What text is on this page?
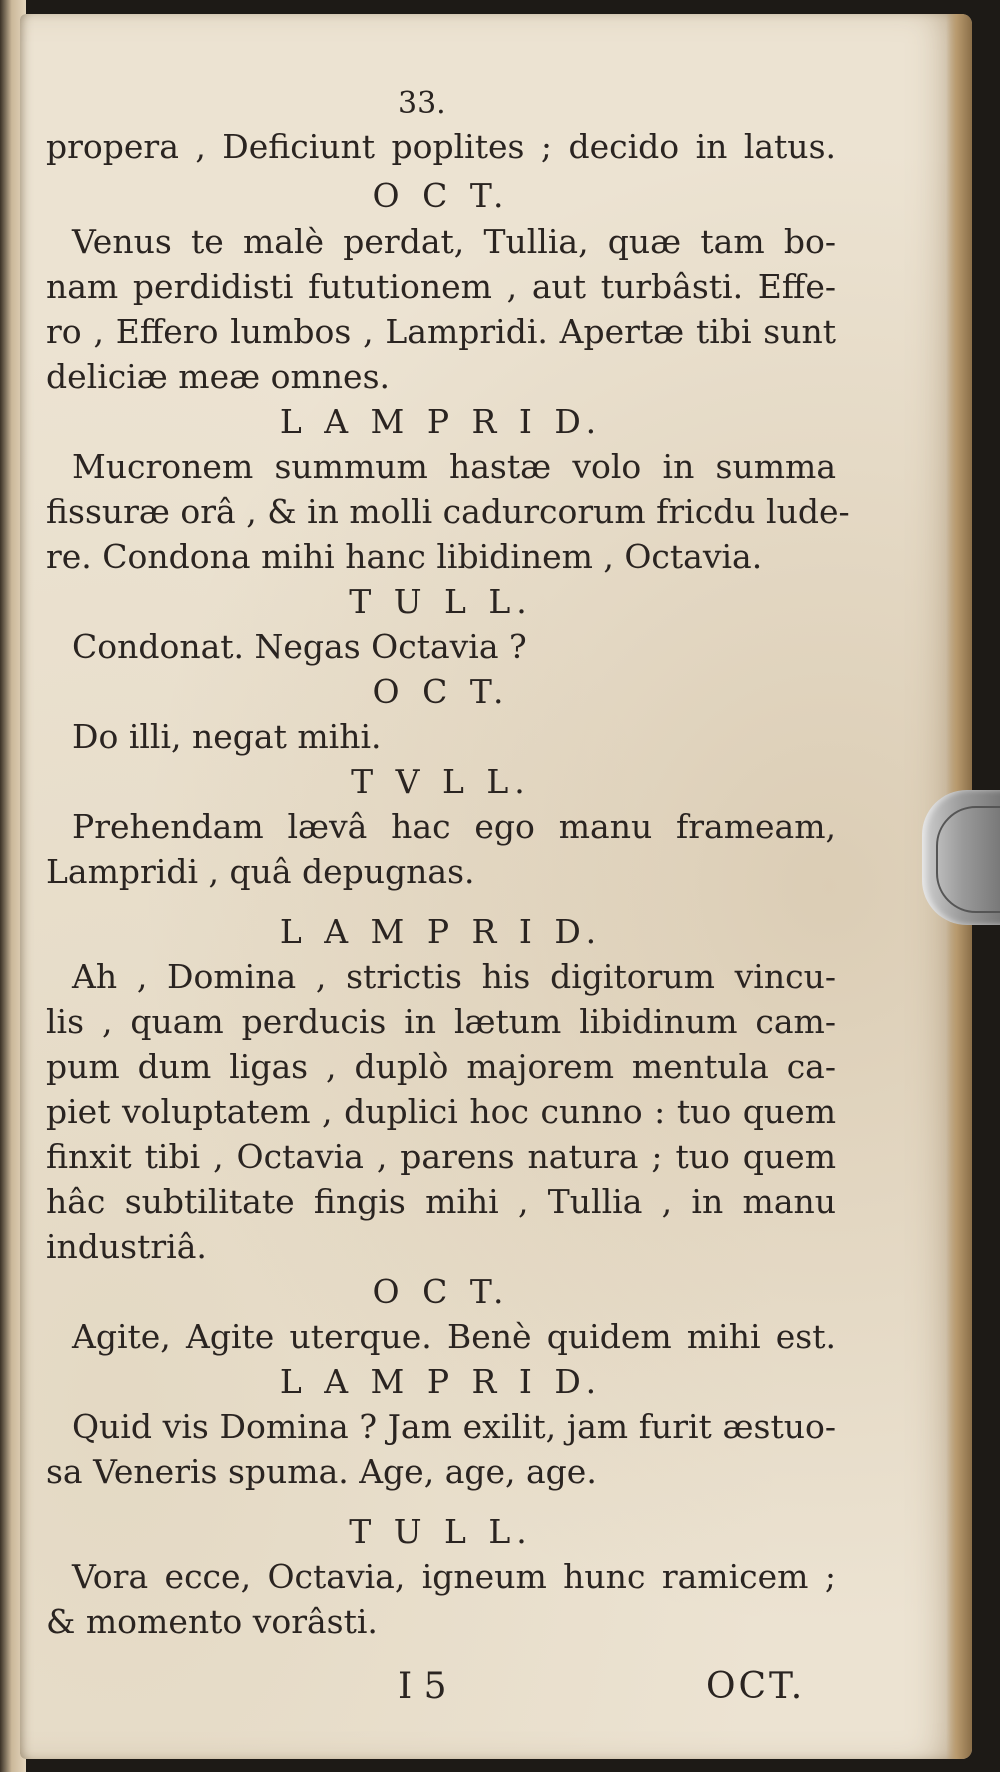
33.
propera , Deficiunt poplites ; decido in latus.
O C T.
Venus te malè perdat, Tullia, quæ tam bo-
nam perdidisti fututionem , aut turbâsti. Effe-
ro , Effero lumbos , Lampridi. Apertæ tibi sunt
deliciæ meæ omnes.
L A M P R I D.
Mucronem summum hastæ volo in summa
fissuræ orâ , & in molli cadurcorum fricdu lude-
re. Condona mihi hanc libidinem , Octavia.
T U L L.
Condonat. Negas Octavia ?
O C T.
Do illi, negat mihi.
T V L L.
Prehendam lævâ hac ego manu frameam,
Lampridi , quâ depugnas.
L A M P R I D.
Ah , Domina , strictis his digitorum vincu-
lis , quam perducis in lætum libidinum cam-
pum dum ligas , duplò majorem mentula ca-
piet voluptatem , duplici hoc cunno : tuo quem
finxit tibi , Octavia , parens natura ; tuo quem
hâc subtilitate fingis mihi , Tullia , in manu
industriâ.
O C T.
Agite, Agite uterque. Benè quidem mihi est.
L A M P R I D.
Quid vis Domina ? Jam exilit, jam furit æstuo-
sa Veneris spuma. Age, age, age.
T U L L.
Vora ecce, Octavia, igneum hunc ramicem ;
& momento vorâsti.
I 5	OCT.
